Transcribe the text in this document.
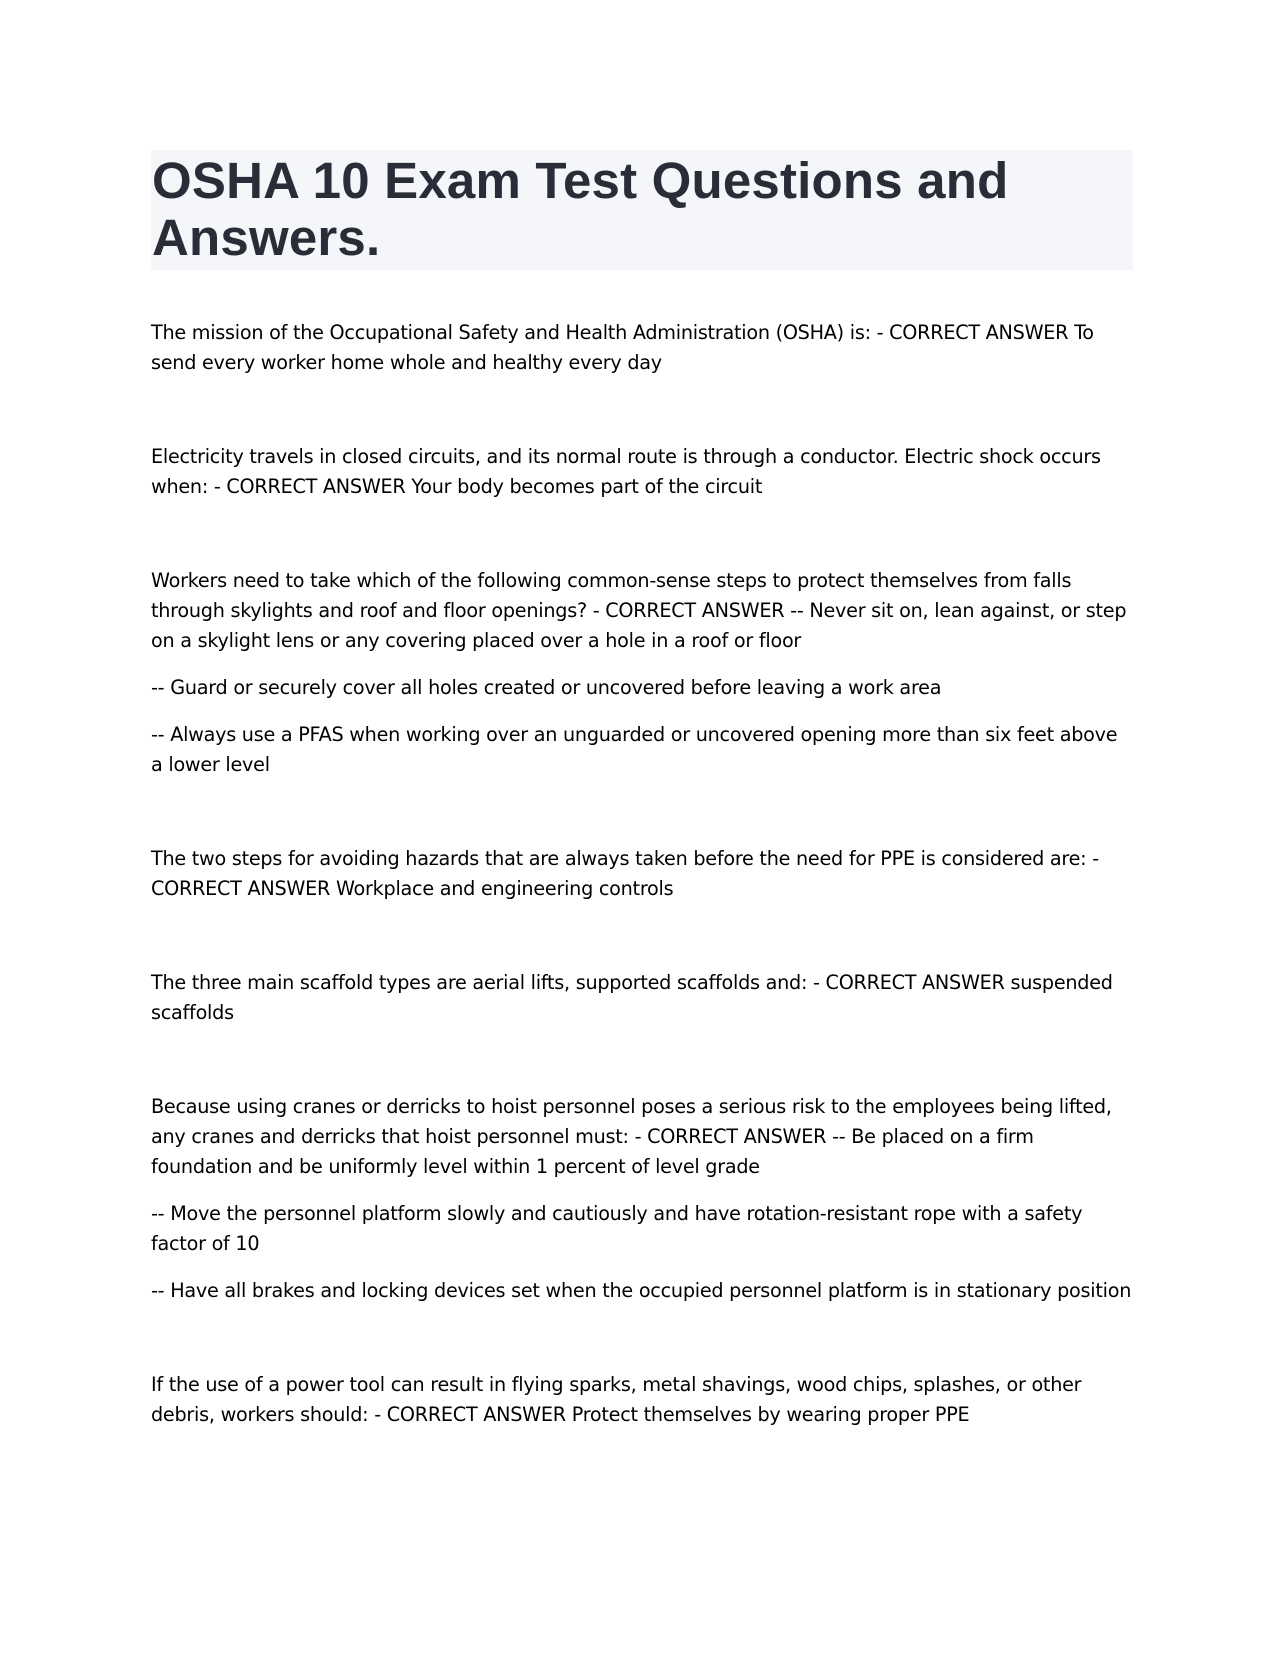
OSHA 10 Exam Test Questions and Answers.

The mission of the Occupational Safety and Health Administration (OSHA) is: - CORRECT ANSWER To send every worker home whole and healthy every day

Electricity travels in closed circuits, and its normal route is through a conductor. Electric shock occurs when: - CORRECT ANSWER Your body becomes part of the circuit

Workers need to take which of the following common-sense steps to protect themselves from falls through skylights and roof and floor openings? - CORRECT ANSWER -- Never sit on, lean against, or step on a skylight lens or any covering placed over a hole in a roof or floor

-- Guard or securely cover all holes created or uncovered before leaving a work area

-- Always use a PFAS when working over an unguarded or uncovered opening more than six feet above a lower level

The two steps for avoiding hazards that are always taken before the need for PPE is considered are: - CORRECT ANSWER Workplace and engineering controls

The three main scaffold types are aerial lifts, supported scaffolds and: - CORRECT ANSWER suspended scaffolds

Because using cranes or derricks to hoist personnel poses a serious risk to the employees being lifted, any cranes and derricks that hoist personnel must: - CORRECT ANSWER -- Be placed on a firm foundation and be uniformly level within 1 percent of level grade

-- Move the personnel platform slowly and cautiously and have rotation-resistant rope with a safety factor of 10

-- Have all brakes and locking devices set when the occupied personnel platform is in stationary position

If the use of a power tool can result in flying sparks, metal shavings, wood chips, splashes, or other debris, workers should: - CORRECT ANSWER Protect themselves by wearing proper PPE
